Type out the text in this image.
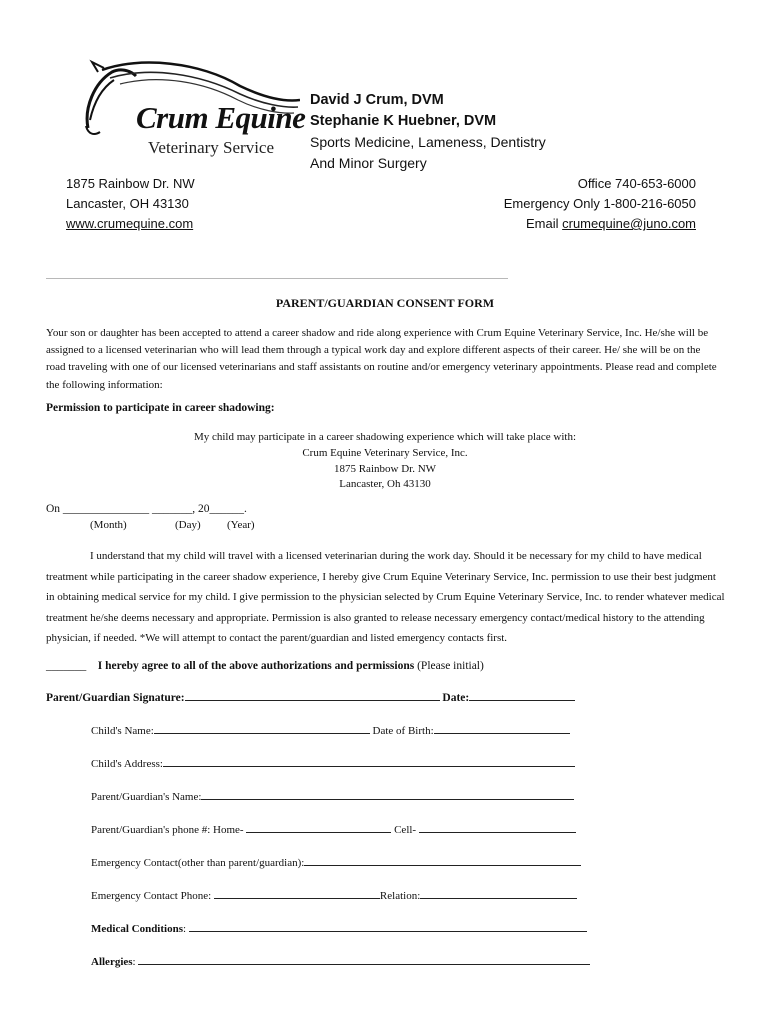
Crum Equine
Veterinary Service
David J Crum, DVM
Stephanie K Huebner, DVM
Sports Medicine, Lameness, Dentistry
And Minor Surgery
1875 Rainbow Dr. NW
Lancaster, OH 43130
www.crumequine.com
Office 740-653-6000
Emergency Only 1-800-216-6050
Email crumequine@juno.com
PARENT/GUARDIAN CONSENT FORM
Your son or daughter has been accepted to attend a career shadow and ride along experience with Crum Equine Veterinary Service, Inc. He/she will be assigned to a licensed veterinarian who will lead them through a typical work day and explore different aspects of their career. He/ she will be on the road traveling with one of our licensed veterinarians and staff assistants on routine and/or emergency veterinary appointments. Please read and complete the following information:
Permission to participate in career shadowing:
My child may participate in a career shadowing experience which will take place with:
Crum Equine Veterinary Service, Inc.
1875 Rainbow Dr. NW
Lancaster, Oh 43130
On _______________ _______, 20______.
(Month)	(Day) (Year)
I understand that my child will travel with a licensed veterinarian during the work day. Should it be necessary for my child to have medical treatment while participating in the career shadow experience, I hereby give Crum Equine Veterinary Service, Inc. permission to use their best judgment in obtaining medical service for my child. I give permission to the physician selected by Crum Equine Veterinary Service, Inc. to render whatever medical treatment he/she deems necessary and appropriate. Permission is also granted to release necessary emergency contact/medical history to the attending physician, if needed. *We will attempt to contact the parent/guardian and listed emergency contacts first.
_______ I hereby agree to all of the above authorizations and permissions (Please initial)
Parent/Guardian Signature:	Date:
Child's Name:	Date of Birth:
Child's Address:
Parent/Guardian's Name:
Parent/Guardian's phone #: Home-	Cell-
Emergency Contact(other than parent/guardian):
Emergency Contact Phone:	Relation:
Medical Conditions:
Allergies:
